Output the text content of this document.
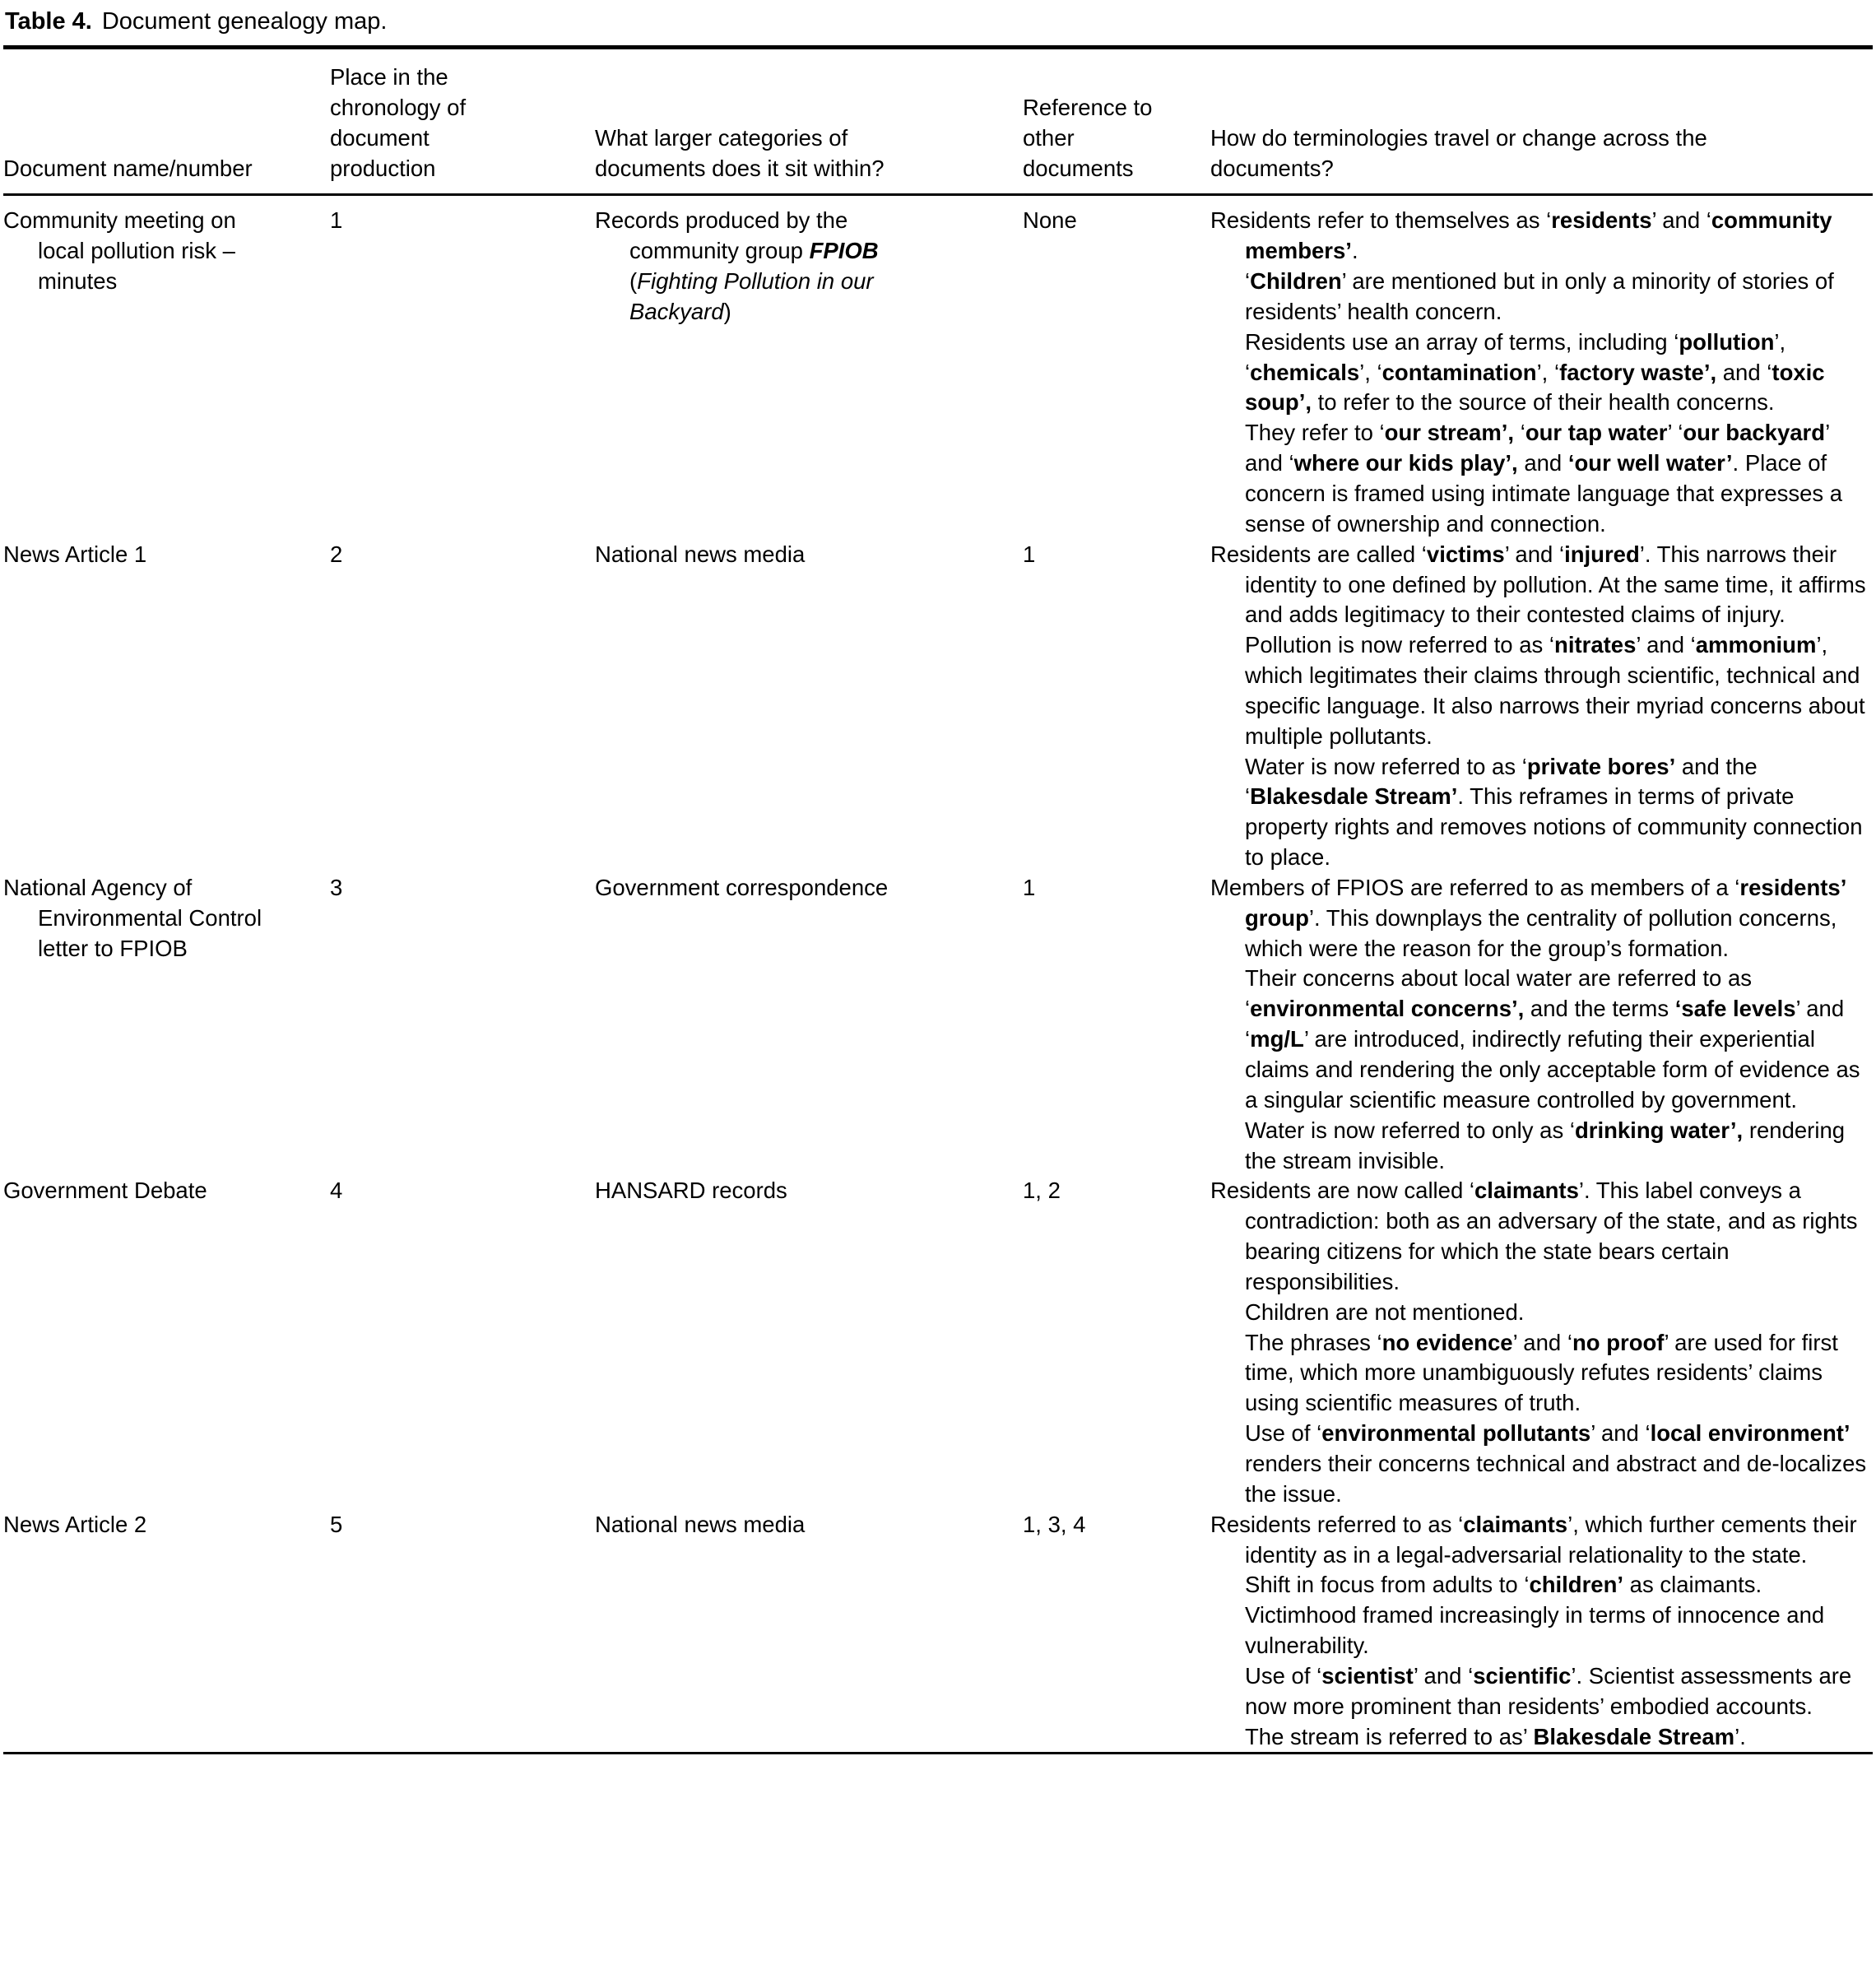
Table 4. Document genealogy map.
Document name/number	Place in the chronology of document production	What larger categories of documents does it sit within?	Reference to other documents	How do terminologies travel or change across the documents?

Community meeting on local pollution risk – minutes	1	Records produced by the community group FPIOB (Fighting Pollution in our Backyard)	None	Residents refer to themselves as ‘residents’ and ‘community members’.

‘Children’ are mentioned but in only a minority of stories of residents’ health concern.

Residents use an array of terms, including ‘pollution’, ‘chemicals’, ‘contamination’, ‘factory waste’, and ‘toxic soup’, to refer to the source of their health concerns.

They refer to ‘our stream’, ‘our tap water’ ‘our backyard’ and ‘where our kids play’, and ‘our well water’. Place of concern is framed using intimate language that expresses a sense of ownership and connection.

News Article 1	2	National news media	1	Residents are called ‘victims’ and ‘injured’. This narrows their identity to one defined by pollution. At the same time, it affirms and adds legitimacy to their contested claims of injury.

Pollution is now referred to as ‘nitrates’ and ‘ammonium’, which legitimates their claims through scientific, technical and specific language. It also narrows their myriad concerns about multiple pollutants.

Water is now referred to as ‘private bores’ and the ‘Blakesdale Stream’. This reframes in terms of private property rights and removes notions of community connection to place.

National Agency of Environmental Control letter to FPIOB	3	Government correspondence	1	Members of FPIOS are referred to as members of a ‘residents’ group’. This downplays the centrality of pollution concerns, which were the reason for the group’s formation.

Their concerns about local water are referred to as ‘environmental concerns’, and the terms ‘safe levels’ and ‘mg/L’ are introduced, indirectly refuting their experiential claims and rendering the only acceptable form of evidence as a singular scientific measure controlled by government.

Water is now referred to only as ‘drinking water’, rendering the stream invisible.

Government Debate	4	HANSARD records	1, 2	Residents are now called ‘claimants’. This label conveys a contradiction: both as an adversary of the state, and as rights bearing citizens for which the state bears certain responsibilities.

Children are not mentioned.

The phrases ‘no evidence’ and ‘no proof’ are used for first time, which more unambiguously refutes residents’ claims using scientific measures of truth.

Use of ‘environmental pollutants’ and ‘local environment’ renders their concerns technical and abstract and de-localizes the issue.

News Article 2	5	National news media	1, 3, 4	Residents referred to as ‘claimants’, which further cements their identity as in a legal-adversarial relationality to the state.

Shift in focus from adults to ‘children’ as claimants.

Victimhood framed increasingly in terms of innocence and vulnerability.

Use of ‘scientist’ and ‘scientific’. Scientist assessments are now more prominent than residents’ embodied accounts.

The stream is referred to as’ Blakesdale Stream’.
